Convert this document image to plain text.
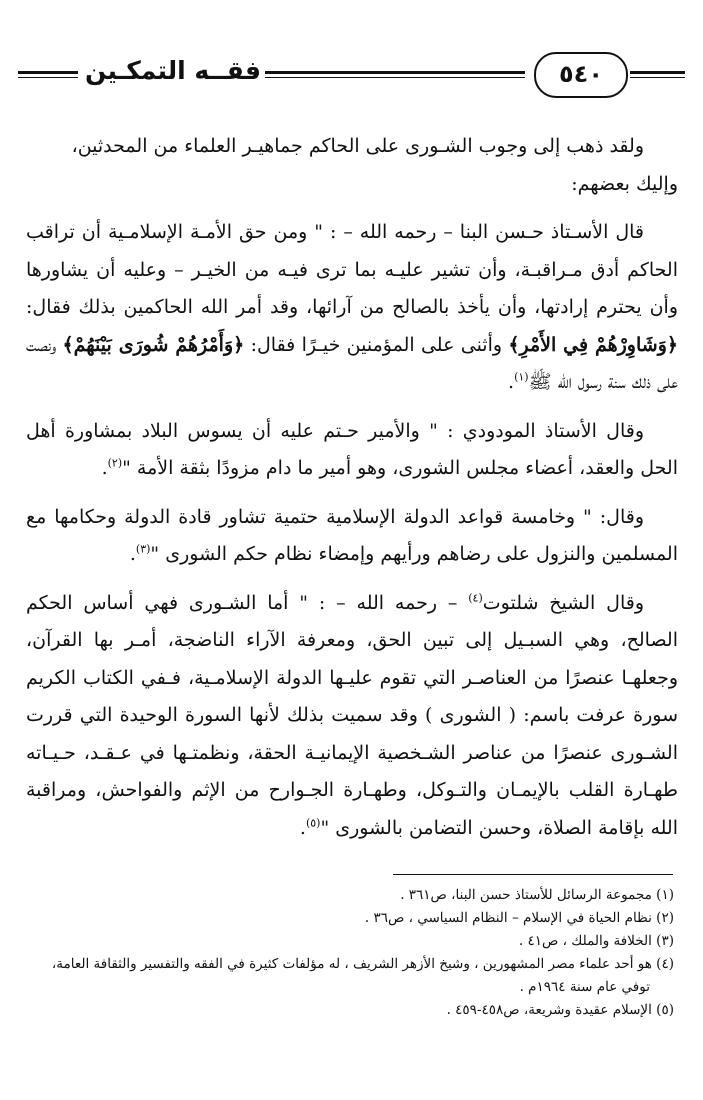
فقــه التمكـين	٥٤٠

ولقد ذهب إلى وجوب الشـورى على الحاكم جماهيـر العلماء من المحدثين،

وإليك بعضهم:

قال الأسـتاذ حـسن البنا – رحمه الله – : " ومن حق الأمـة الإسلامـية أن تراقب الحاكم أدق مـراقبـة، وأن تشير عليـه بما ترى فيـه من الخيـر – وعليه أن يشاورها وأن يحترم إرادتها، وأن يأخذ بالصالح من آرائها، وقد أمر الله الحاكمين بذلك فقال: ﴿وَشَاوِرْهُمْ فِي الأَمْرِ﴾ وأثنى على المؤمنين خيـرًا فقال: ﴿وَأَمْرُهُمْ شُورَى بَيْنَهُمْ﴾ ونصت على ذلك سنة رسول الله ﷺ$^{(١)}$.

وقال الأستاذ المودودي : " والأمير حـتم عليه أن يسوس البلاد بمشاورة أهل الحل والعقد، أعضاء مجلس الشورى، وهو أمير ما دام مزودًا بثقة الأمة "$^{(٢)}$.

وقال: " وخامسة قواعد الدولة الإسلامية حتمية تشاور قادة الدولة وحكامها مع المسلمين والنزول على رضاهم ورأيهم وإمضاء نظام حكم الشورى "$^{(٣)}$.

وقال الشيخ شلتوت$^{(٤)}$ – رحمه الله – : " أما الشـورى فهي أساس الحكم الصالح، وهي السبـيل إلى تبين الحق، ومعرفة الآراء الناضجة، أمـر بها القرآن، وجعلهـا عنصرًا من العناصـر التي تقوم عليـها الدولة الإسلامـية، فـفي الكتاب الكريم سورة عرفت باسم: ( الشورى ) وقد سميت بذلك لأنها السورة الوحيدة التي قررت الشـورى عنصرًا من عناصر الشـخصية الإيمانيـة الحقة، ونظمتـها في عـقـد، حـيـاته طهـارة القلب بالإيمـان والتـوكل، وطهـارة الجـوارح من الإثم والفواحش، ومراقبة الله بإقامة الصلاة، وحسن التضامن بالشورى "$^{(٥)}$.

(١) مجموعة الرسائل للأستاذ حسن البنا، ص٣٦١ .

(٢) نظام الحياة في الإسلام – النظام السياسي ، ص٣٦ .

(٣) الخلافة والملك ، ص٤١ .

(٤) هو أحد علماء مصر المشهورين ، وشيخ الأزهر الشريف ، له مؤلفات كثيرة في الفقه والتفسير والثقافة العامة،

توفي عام سنة ١٩٦٤م .

(٥) الإسلام عقيدة وشريعة، ص٤٥٨-٤٥٩ .
